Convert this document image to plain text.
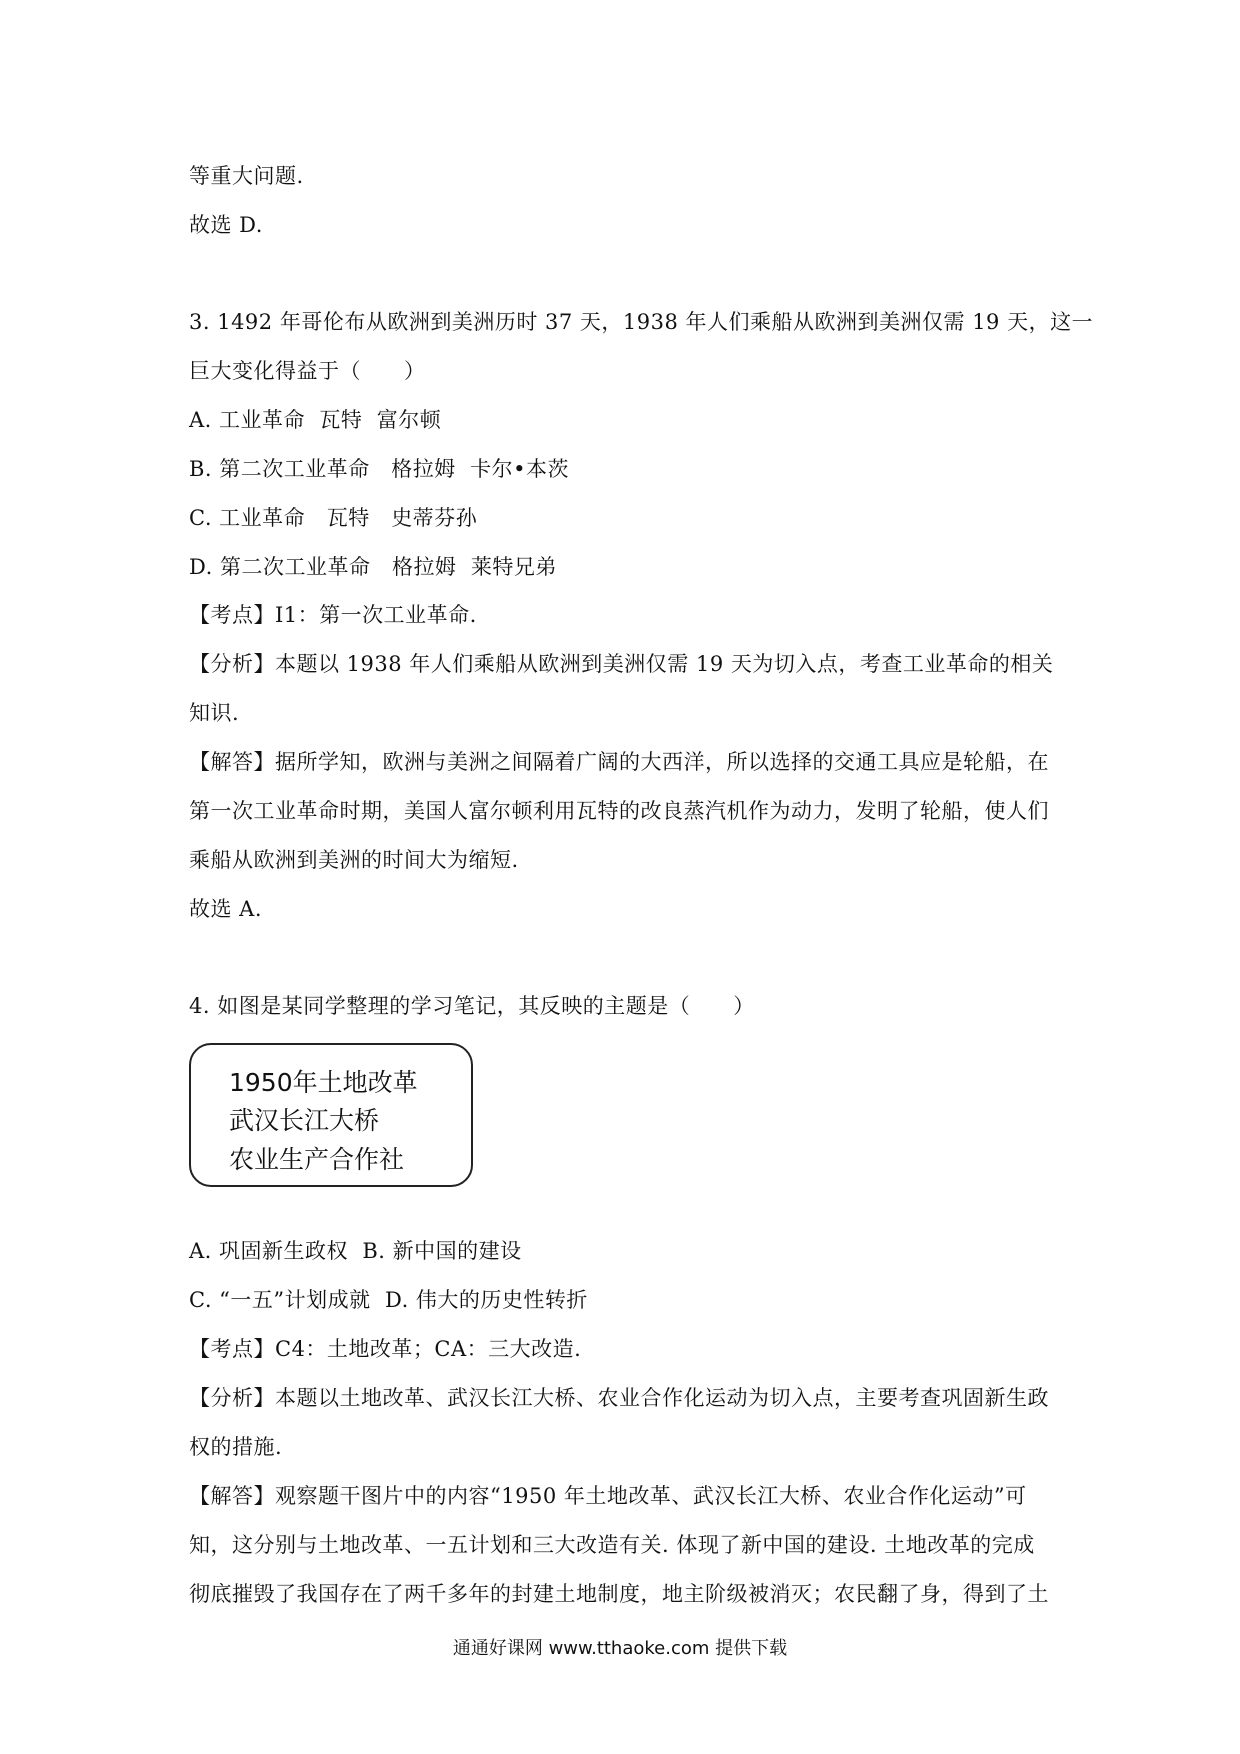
等重大问题.
故选 D.
3. 1492 年哥伦布从欧洲到美洲历时 37 天，1938 年人们乘船从欧洲到美洲仅需 19 天，这一
巨大变化得益于（　　）
A. 工业革命  瓦特  富尔顿
B. 第二次工业革命   格拉姆  卡尔•本茨
C. 工业革命   瓦特   史蒂芬孙
D. 第二次工业革命   格拉姆  莱特兄弟
【考点】I1：第一次工业革命.
【分析】本题以 1938 年人们乘船从欧洲到美洲仅需 19 天为切入点，考查工业革命的相关
知识.
【解答】据所学知，欧洲与美洲之间隔着广阔的大西洋，所以选择的交通工具应是轮船，在
第一次工业革命时期，美国人富尔顿利用瓦特的改良蒸汽机作为动力，发明了轮船，使人们
乘船从欧洲到美洲的时间大为缩短.
故选 A.
4. 如图是某同学整理的学习笔记，其反映的主题是（　　）
1950年土地改革
武汉长江大桥
农业生产合作社
A. 巩固新生政权  B. 新中国的建设
C. “一五”计划成就  D. 伟大的历史性转折
【考点】C4：土地改革；CA：三大改造.
【分析】本题以土地改革、武汉长江大桥、农业合作化运动为切入点，主要考查巩固新生政
权的措施.
【解答】观察题干图片中的内容“1950 年土地改革、武汉长江大桥、农业合作化运动”可
知，这分别与土地改革、一五计划和三大改造有关. 体现了新中国的建设. 土地改革的完成
彻底摧毁了我国存在了两千多年的封建土地制度，地主阶级被消灭；农民翻了身，得到了土
通通好课网 www.tthaoke.com 提供下载
